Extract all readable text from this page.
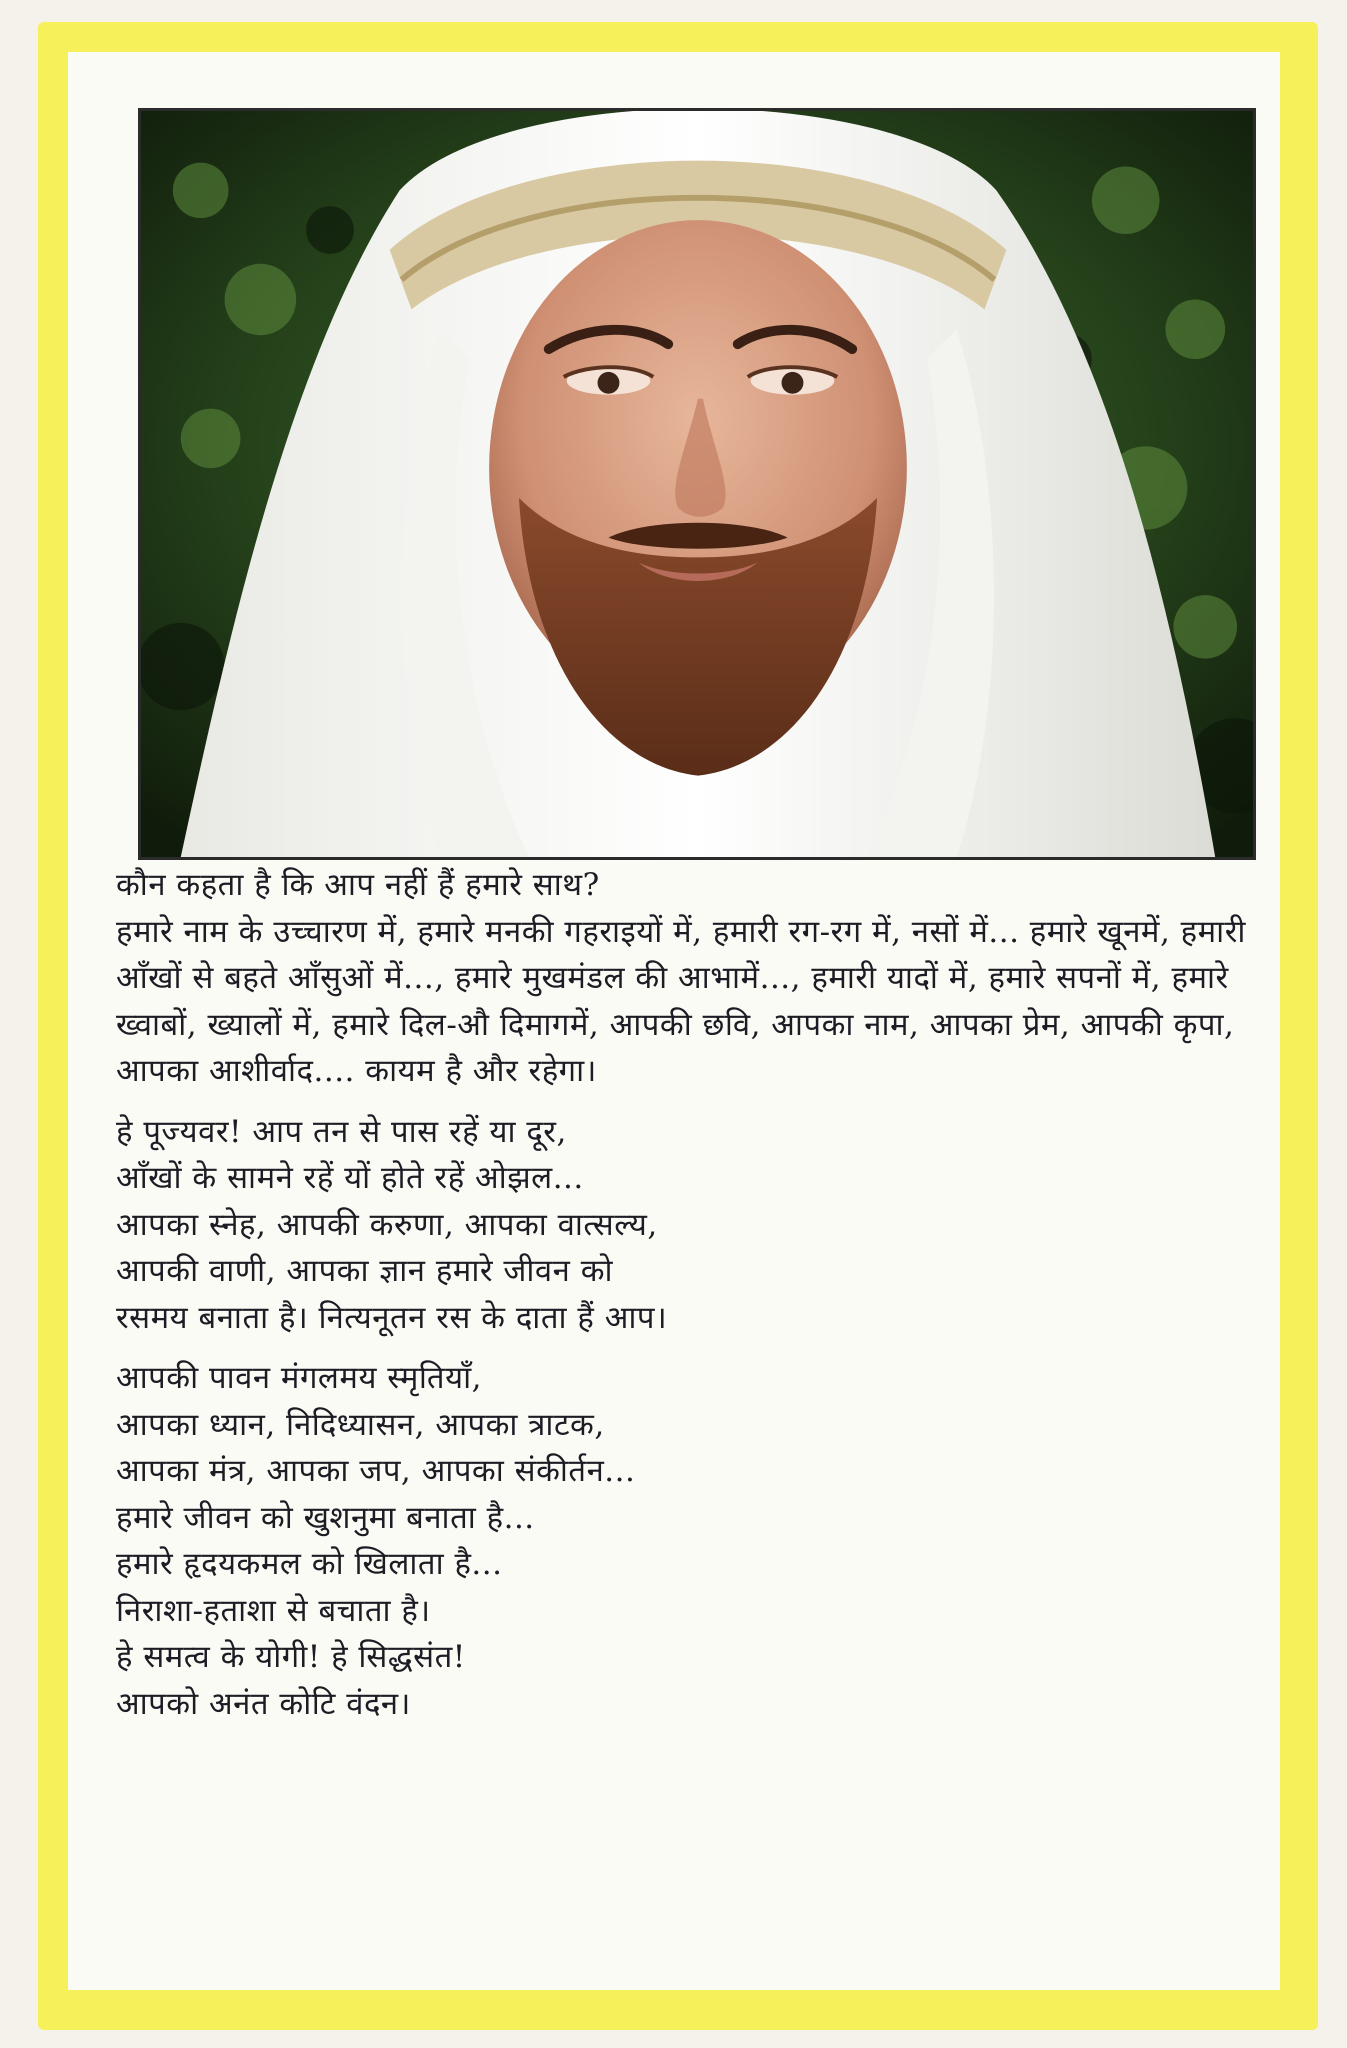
कौन कहता है कि आप नहीं हैं हमारे साथ?

हमारे नाम के उच्चारण में, हमारे मनकी गहराइयों में, हमारी रग-रग में, नसों में... हमारे खूनमें, हमारी आँखों से बहते आँसुओं में..., हमारे मुखमंडल की आभामें..., हमारी यादों में, हमारे सपनों में, हमारे ख्वाबों, ख्यालों में, हमारे दिल-औ दिमागमें, आपकी छवि, आपका नाम, आपका प्रेम, आपकी कृपा, आपका आशीर्वाद.... कायम है और रहेगा।

हे पूज्यवर! आप तन से पास रहें या दूर,

आँखों के सामने रहें यों होते रहें ओझल...

आपका स्नेह, आपकी करुणा, आपका वात्सल्य,

आपकी वाणी, आपका ज्ञान हमारे जीवन को

रसमय बनाता है। नित्यनूतन रस के दाता हैं आप।

आपकी पावन मंगलमय स्मृतियाँ,

आपका ध्यान, निदिध्यासन, आपका त्राटक,

आपका मंत्र, आपका जप, आपका संकीर्तन...

हमारे जीवन को खुशनुमा बनाता है...

हमारे हृदयकमल को खिलाता है...

निराशा-हताशा से बचाता है।

हे समत्व के योगी! हे सिद्धसंत!

आपको अनंत कोटि वंदन।
